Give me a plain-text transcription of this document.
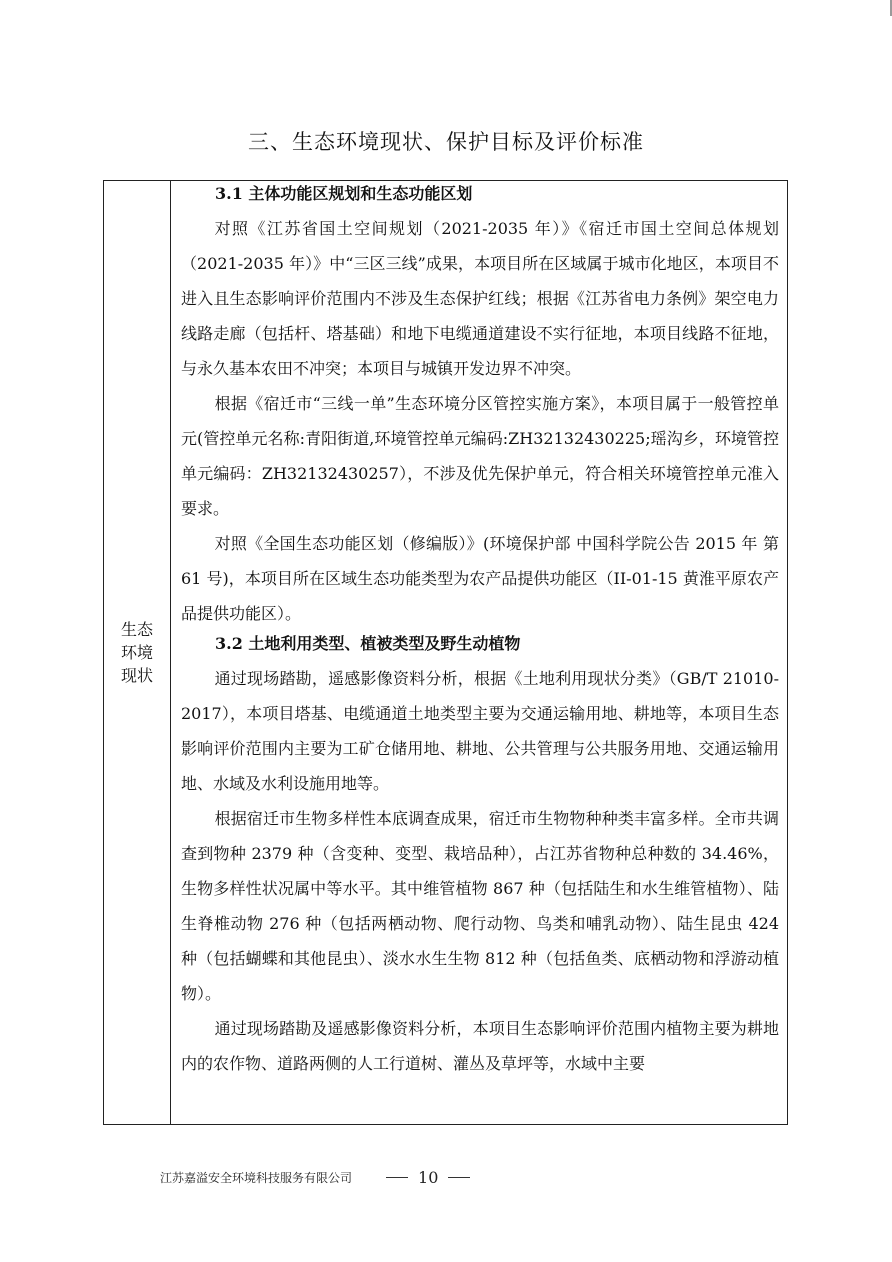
三、生态环境现状、保护目标及评价标准
生态环境现状
3.1 主体功能区规划和生态功能区划

对照《江苏省国土空间规划（2021-2035 年）》《宿迁市国土空间总体规划（2021-2035 年）》中“三区三线”成果，本项目所在区域属于城市化地区，本项目不进入且生态影响评价范围内不涉及生态保护红线；根据《江苏省电力条例》架空电力线路走廊（包括杆、塔基础）和地下电缆通道建设不实行征地，本项目线路不征地，与永久基本农田不冲突；本项目与城镇开发边界不冲突。

根据《宿迁市“三线一单”生态环境分区管控实施方案》，本项目属于一般管控单元(管控单元名称:青阳街道,环境管控单元编码:ZH32132430225;瑶沟乡，环境管控单元编码：ZH32132430257），不涉及优先保护单元，符合相关环境管控单元准入要求。

对照《全国生态功能区划（修编版）》(环境保护部 中国科学院公告 2015 年 第 61 号)，本项目所在区域生态功能类型为农产品提供功能区（II-01-15 黄淮平原农产品提供功能区）。

3.2 土地利用类型、植被类型及野生动植物

通过现场踏勘，遥感影像资料分析，根据《土地利用现状分类》（GB/T 21010-2017），本项目塔基、电缆通道土地类型主要为交通运输用地、耕地等，本项目生态影响评价范围内主要为工矿仓储用地、耕地、公共管理与公共服务用地、交通运输用地、水域及水利设施用地等。

根据宿迁市生物多样性本底调查成果，宿迁市生物物种种类丰富多样。全市共调查到物种 2379 种（含变种、变型、栽培品种），占江苏省物种总种数的 34.46%，生物多样性状况属中等水平。其中维管植物 867 种（包括陆生和水生维管植物）、陆生脊椎动物 276 种（包括两栖动物、爬行动物、鸟类和哺乳动物）、陆生昆虫 424 种（包括蝴蝶和其他昆虫）、淡水水生生物 812 种（包括鱼类、底栖动物和浮游动植物）。

通过现场踏勘及遥感影像资料分析，本项目生态影响评价范围内植物主要为耕地内的农作物、道路两侧的人工行道树、灌丛及草坪等，水域中主要

江苏嘉溢安全环境科技服务有限公司	10
